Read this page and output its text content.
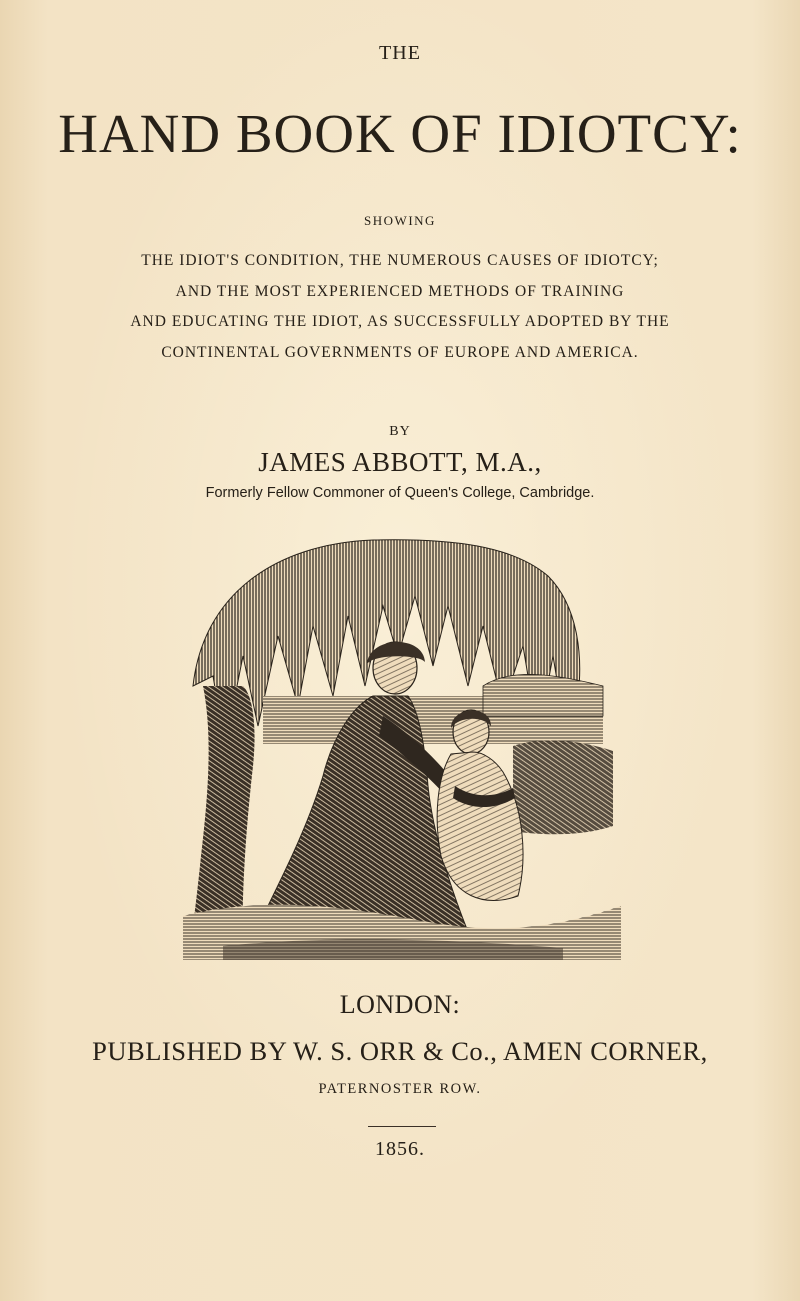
THE
HAND BOOK OF IDIOTCY:
SHOWING
THE IDIOT'S CONDITION, THE NUMEROUS CAUSES OF IDIOTCY;
AND THE MOST EXPERIENCED METHODS OF TRAINING
AND EDUCATING THE IDIOT, AS SUCCESSFULLY ADOPTED BY THE
CONTINENTAL GOVERNMENTS OF EUROPE AND AMERICA.
BY
JAMES ABBOTT, M.A.,
Formerly Fellow Commoner of Queen's College, Cambridge.
LONDON:
PUBLISHED BY W. S. ORR & Co., AMEN CORNER,
PATERNOSTER ROW.
1856.
